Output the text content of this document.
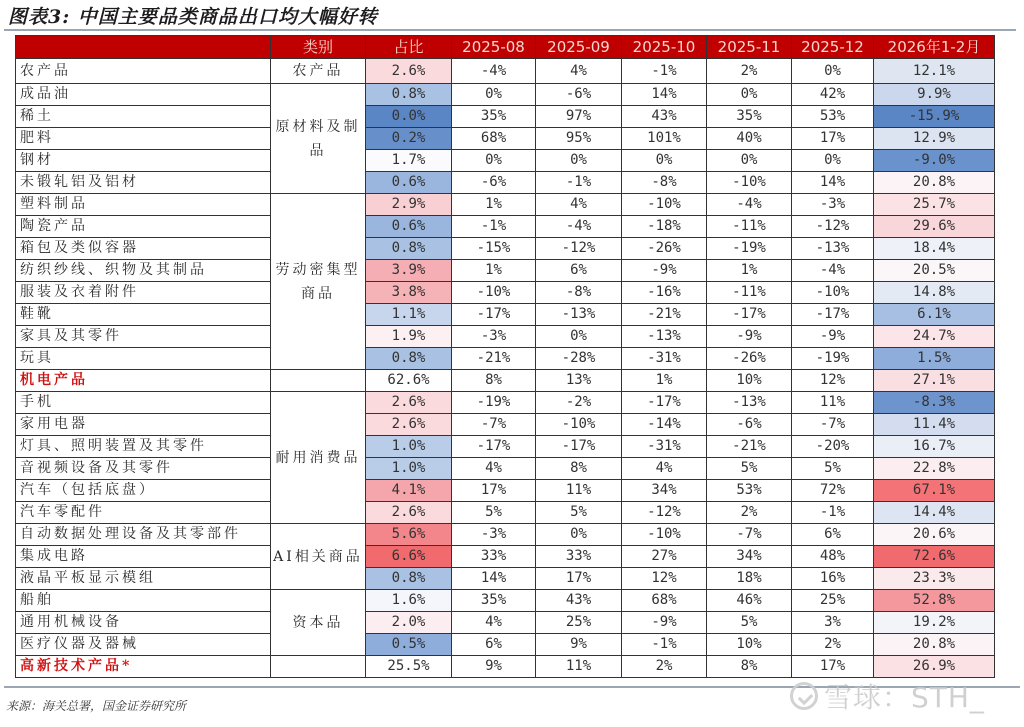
图表3: 中国主要品类商品出口均大幅好转
	类别	占比	2025-08	2025-09	2025-10	2025-11	2025-12	2026年1-2月
农产品	农产品	2.6%	-4%	4%	-1%	2%	0%	12.1%
成品油	原材料及制品	0.8%	0%	-6%	14%	0%	42%	9.9%
稀土		0.0%	35%	97%	43%	35%	53%	-15.9%
肥料		0.2%	68%	95%	101%	40%	17%	12.9%
钢材		1.7%	0%	0%	0%	0%	0%	-9.0%
未锻轧铝及铝材		0.6%	-6%	-1%	-8%	-10%	14%	20.8%
塑料制品	劳动密集型商品	2.9%	1%	4%	-10%	-4%	-3%	25.7%
陶瓷产品		0.6%	-1%	-4%	-18%	-11%	-12%	29.6%
箱包及类似容器		0.8%	-15%	-12%	-26%	-19%	-13%	18.4%
纺织纱线、织物及其制品		3.9%	1%	6%	-9%	1%	-4%	20.5%
服装及衣着附件		3.8%	-10%	-8%	-16%	-11%	-10%	14.8%
鞋靴		1.1%	-17%	-13%	-21%	-17%	-17%	6.1%
家具及其零件		1.9%	-3%	0%	-13%	-9%	-9%	24.7%
玩具		0.8%	-21%	-28%	-31%	-26%	-19%	1.5%
机电产品		62.6%	8%	13%	1%	10%	12%	27.1%
手机	耐用消费品	2.6%	-19%	-2%	-17%	-13%	11%	-8.3%
家用电器		2.6%	-7%	-10%	-14%	-6%	-7%	11.4%
灯具、照明装置及其零件		1.0%	-17%	-17%	-31%	-21%	-20%	16.7%
音视频设备及其零件		1.0%	4%	8%	4%	5%	5%	22.8%
汽车（包括底盘）		4.1%	17%	11%	34%	53%	72%	67.1%
汽车零配件		2.6%	5%	5%	-12%	2%	-1%	14.4%
自动数据处理设备及其零部件	AI相关商品	5.6%	-3%	0%	-10%	-7%	6%	20.6%
集成电路		6.6%	33%	33%	27%	34%	48%	72.6%
液晶平板显示模组		0.8%	14%	17%	12%	18%	16%	23.3%
船舶	资本品	1.6%	35%	43%	68%	46%	25%	52.8%
通用机械设备		2.0%	4%	25%	-9%	5%	3%	19.2%
医疗仪器及器械		0.5%	6%	9%	-1%	10%	2%	20.8%
高新技术产品*		25.5%	9%	11%	2%	8%	17%	26.9%
来源：海关总署，国金证券研究所	雪球：STH_
